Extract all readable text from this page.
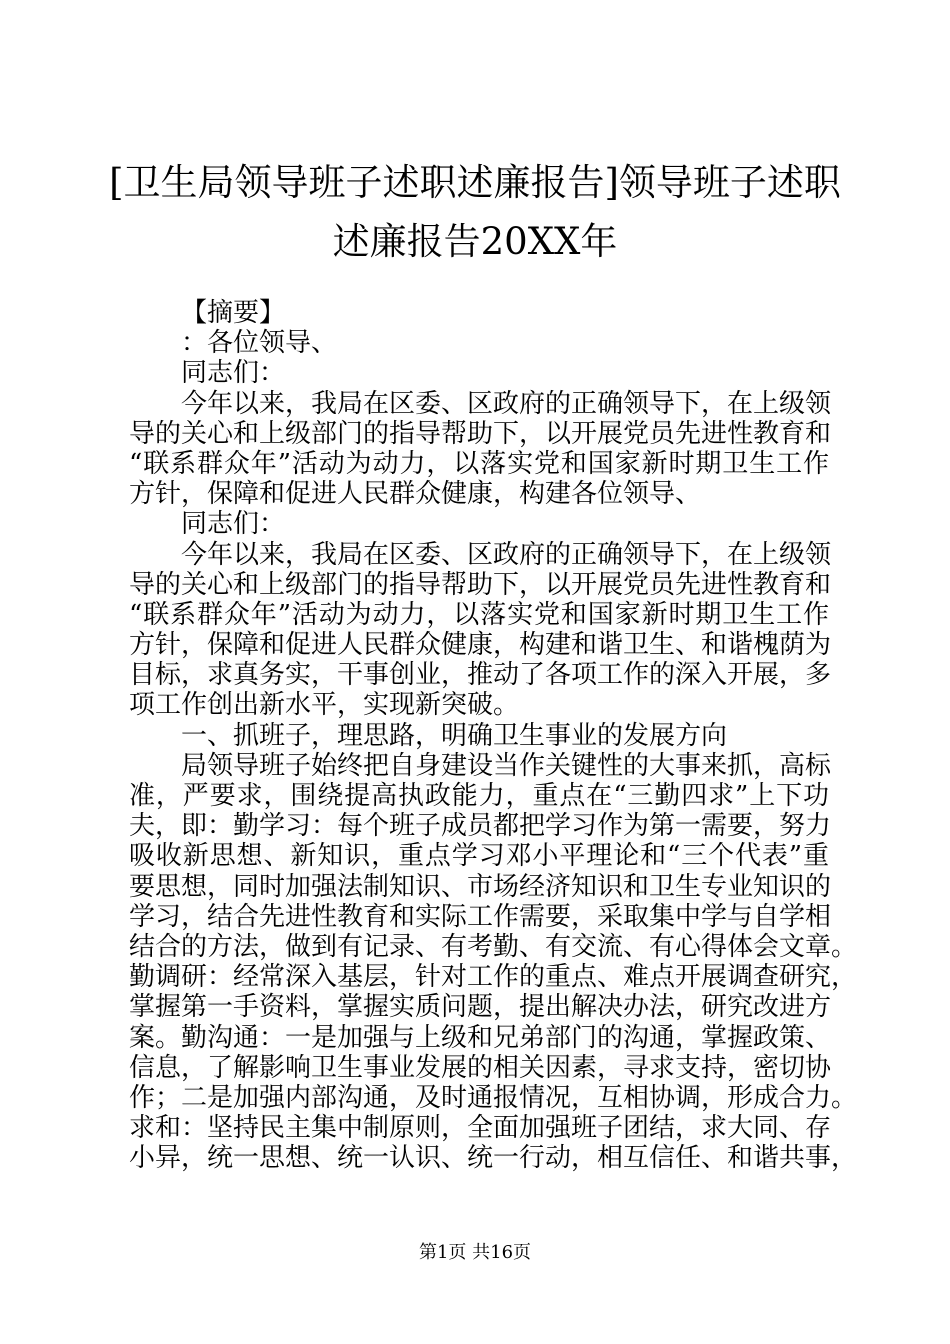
[卫生局领导班子述职述廉报告]领导班子述职
述廉报告20XX年
【摘要】
：各位领导、
同志们：
今年以来，我局在区委、区政府的正确领导下，在上级领
导的关心和上级部门的指导帮助下，以开展党员先进性教育和
“联系群众年”活动为动力，以落实党和国家新时期卫生工作
方针，保障和促进人民群众健康，构建各位领导、
同志们：
今年以来，我局在区委、区政府的正确领导下，在上级领
导的关心和上级部门的指导帮助下，以开展党员先进性教育和
“联系群众年”活动为动力，以落实党和国家新时期卫生工作
方针，保障和促进人民群众健康，构建和谐卫生、和谐槐荫为
目标，求真务实，干事创业，推动了各项工作的深入开展，多
项工作创出新水平，实现新突破。
一、抓班子，理思路，明确卫生事业的发展方向
局领导班子始终把自身建设当作关键性的大事来抓，高标
准，严要求，围绕提高执政能力，重点在“三勤四求”上下功
夫，即：勤学习：每个班子成员都把学习作为第一需要，努力
吸收新思想、新知识，重点学习邓小平理论和“三个代表”重
要思想，同时加强法制知识、市场经济知识和卫生专业知识的
学习，结合先进性教育和实际工作需要，采取集中学与自学相
结合的方法，做到有记录、有考勤、有交流、有心得体会文章。
勤调研：经常深入基层，针对工作的重点、难点开展调查研究，
掌握第一手资料，掌握实质问题，提出解决办法，研究改进方
案。勤沟通：一是加强与上级和兄弟部门的沟通，掌握政策、
信息，了解影响卫生事业发展的相关因素，寻求支持，密切协
作；二是加强内部沟通，及时通报情况，互相协调，形成合力。
求和：坚持民主集中制原则，全面加强班子团结，求大同、存
小异，统一思想、统一认识、统一行动，相互信任、和谐共事，
第1页 共16页
